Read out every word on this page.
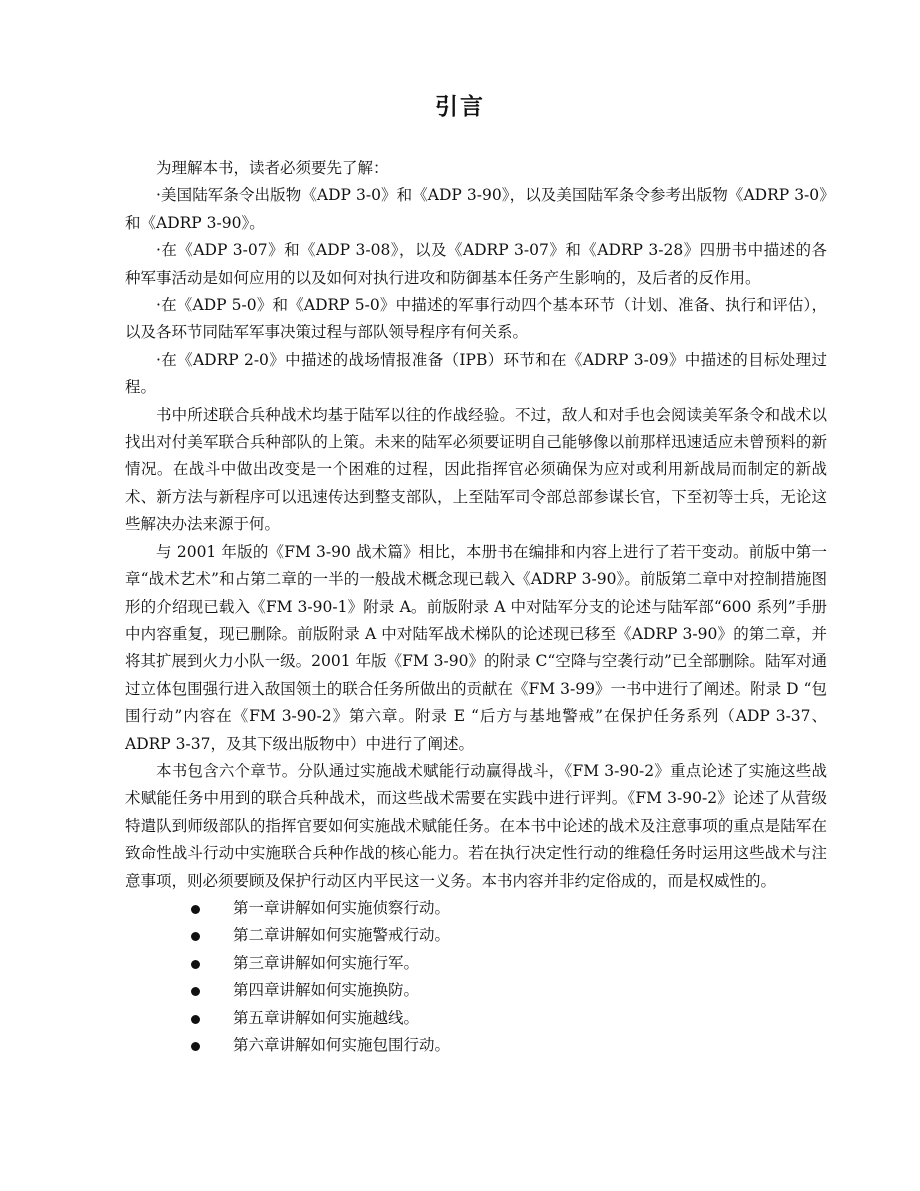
引言

为理解本书，读者必须要先了解：

·美国陆军条令出版物《ADP 3-0》和《ADP 3-90》，以及美国陆军条令参考出版物《ADRP 3-0》和《ADRP 3-90》。

·在《ADP 3-07》和《ADP 3-08》，以及《ADRP 3-07》和《ADRP 3-28》四册书中描述的各种军事活动是如何应用的以及如何对执行进攻和防御基本任务产生影响的，及后者的反作用。

·在《ADP 5-0》和《ADRP 5-0》中描述的军事行动四个基本环节（计划、准备、执行和评估），以及各环节同陆军军事决策过程与部队领导程序有何关系。

·在《ADRP 2-0》中描述的战场情报准备（IPB）环节和在《ADRP 3-09》中描述的目标处理过程。

书中所述联合兵种战术均基于陆军以往的作战经验。不过，敌人和对手也会阅读美军条令和战术以找出对付美军联合兵种部队的上策。未来的陆军必须要证明自己能够像以前那样迅速适应未曾预料的新情况。在战斗中做出改变是一个困难的过程，因此指挥官必须确保为应对或利用新战局而制定的新战术、新方法与新程序可以迅速传达到整支部队，上至陆军司令部总部参谋长官，下至初等士兵，无论这些解决办法来源于何。

与 2001 年版的《FM 3-90 战术篇》相比，本册书在编排和内容上进行了若干变动。前版中第一章“战术艺术”和占第二章的一半的一般战术概念现已载入《ADRP 3-90》。前版第二章中对控制措施图形的介绍现已载入《FM 3-90-1》附录 A。前版附录 A 中对陆军分支的论述与陆军部“600 系列”手册中内容重复，现已删除。前版附录 A 中对陆军战术梯队的论述现已移至《ADRP 3-90》的第二章，并将其扩展到火力小队一级。2001 年版《FM 3-90》的附录 C“空降与空袭行动”已全部删除。陆军对通过立体包围强行进入敌国领土的联合任务所做出的贡献在《FM 3-99》一书中进行了阐述。附录 D “包围行动”内容在《FM 3-90-2》第六章。附录 E “后方与基地警戒”在保护任务系列（ADP 3-37、ADRP 3-37，及其下级出版物中）中进行了阐述。

本书包含六个章节。分队通过实施战术赋能行动赢得战斗，《FM 3-90-2》重点论述了实施这些战术赋能任务中用到的联合兵种战术，而这些战术需要在实践中进行评判。《FM 3-90-2》论述了从营级特遣队到师级部队的指挥官要如何实施战术赋能任务。在本书中论述的战术及注意事项的重点是陆军在致命性战斗行动中实施联合兵种作战的核心能力。若在执行决定性行动的维稳任务时运用这些战术与注意事项，则必须要顾及保护行动区内平民这一义务。本书内容并非约定俗成的，而是权威性的。

第一章讲解如何实施侦察行动。
第二章讲解如何实施警戒行动。
第三章讲解如何实施行军。
第四章讲解如何实施换防。
第五章讲解如何实施越线。
第六章讲解如何实施包围行动。
